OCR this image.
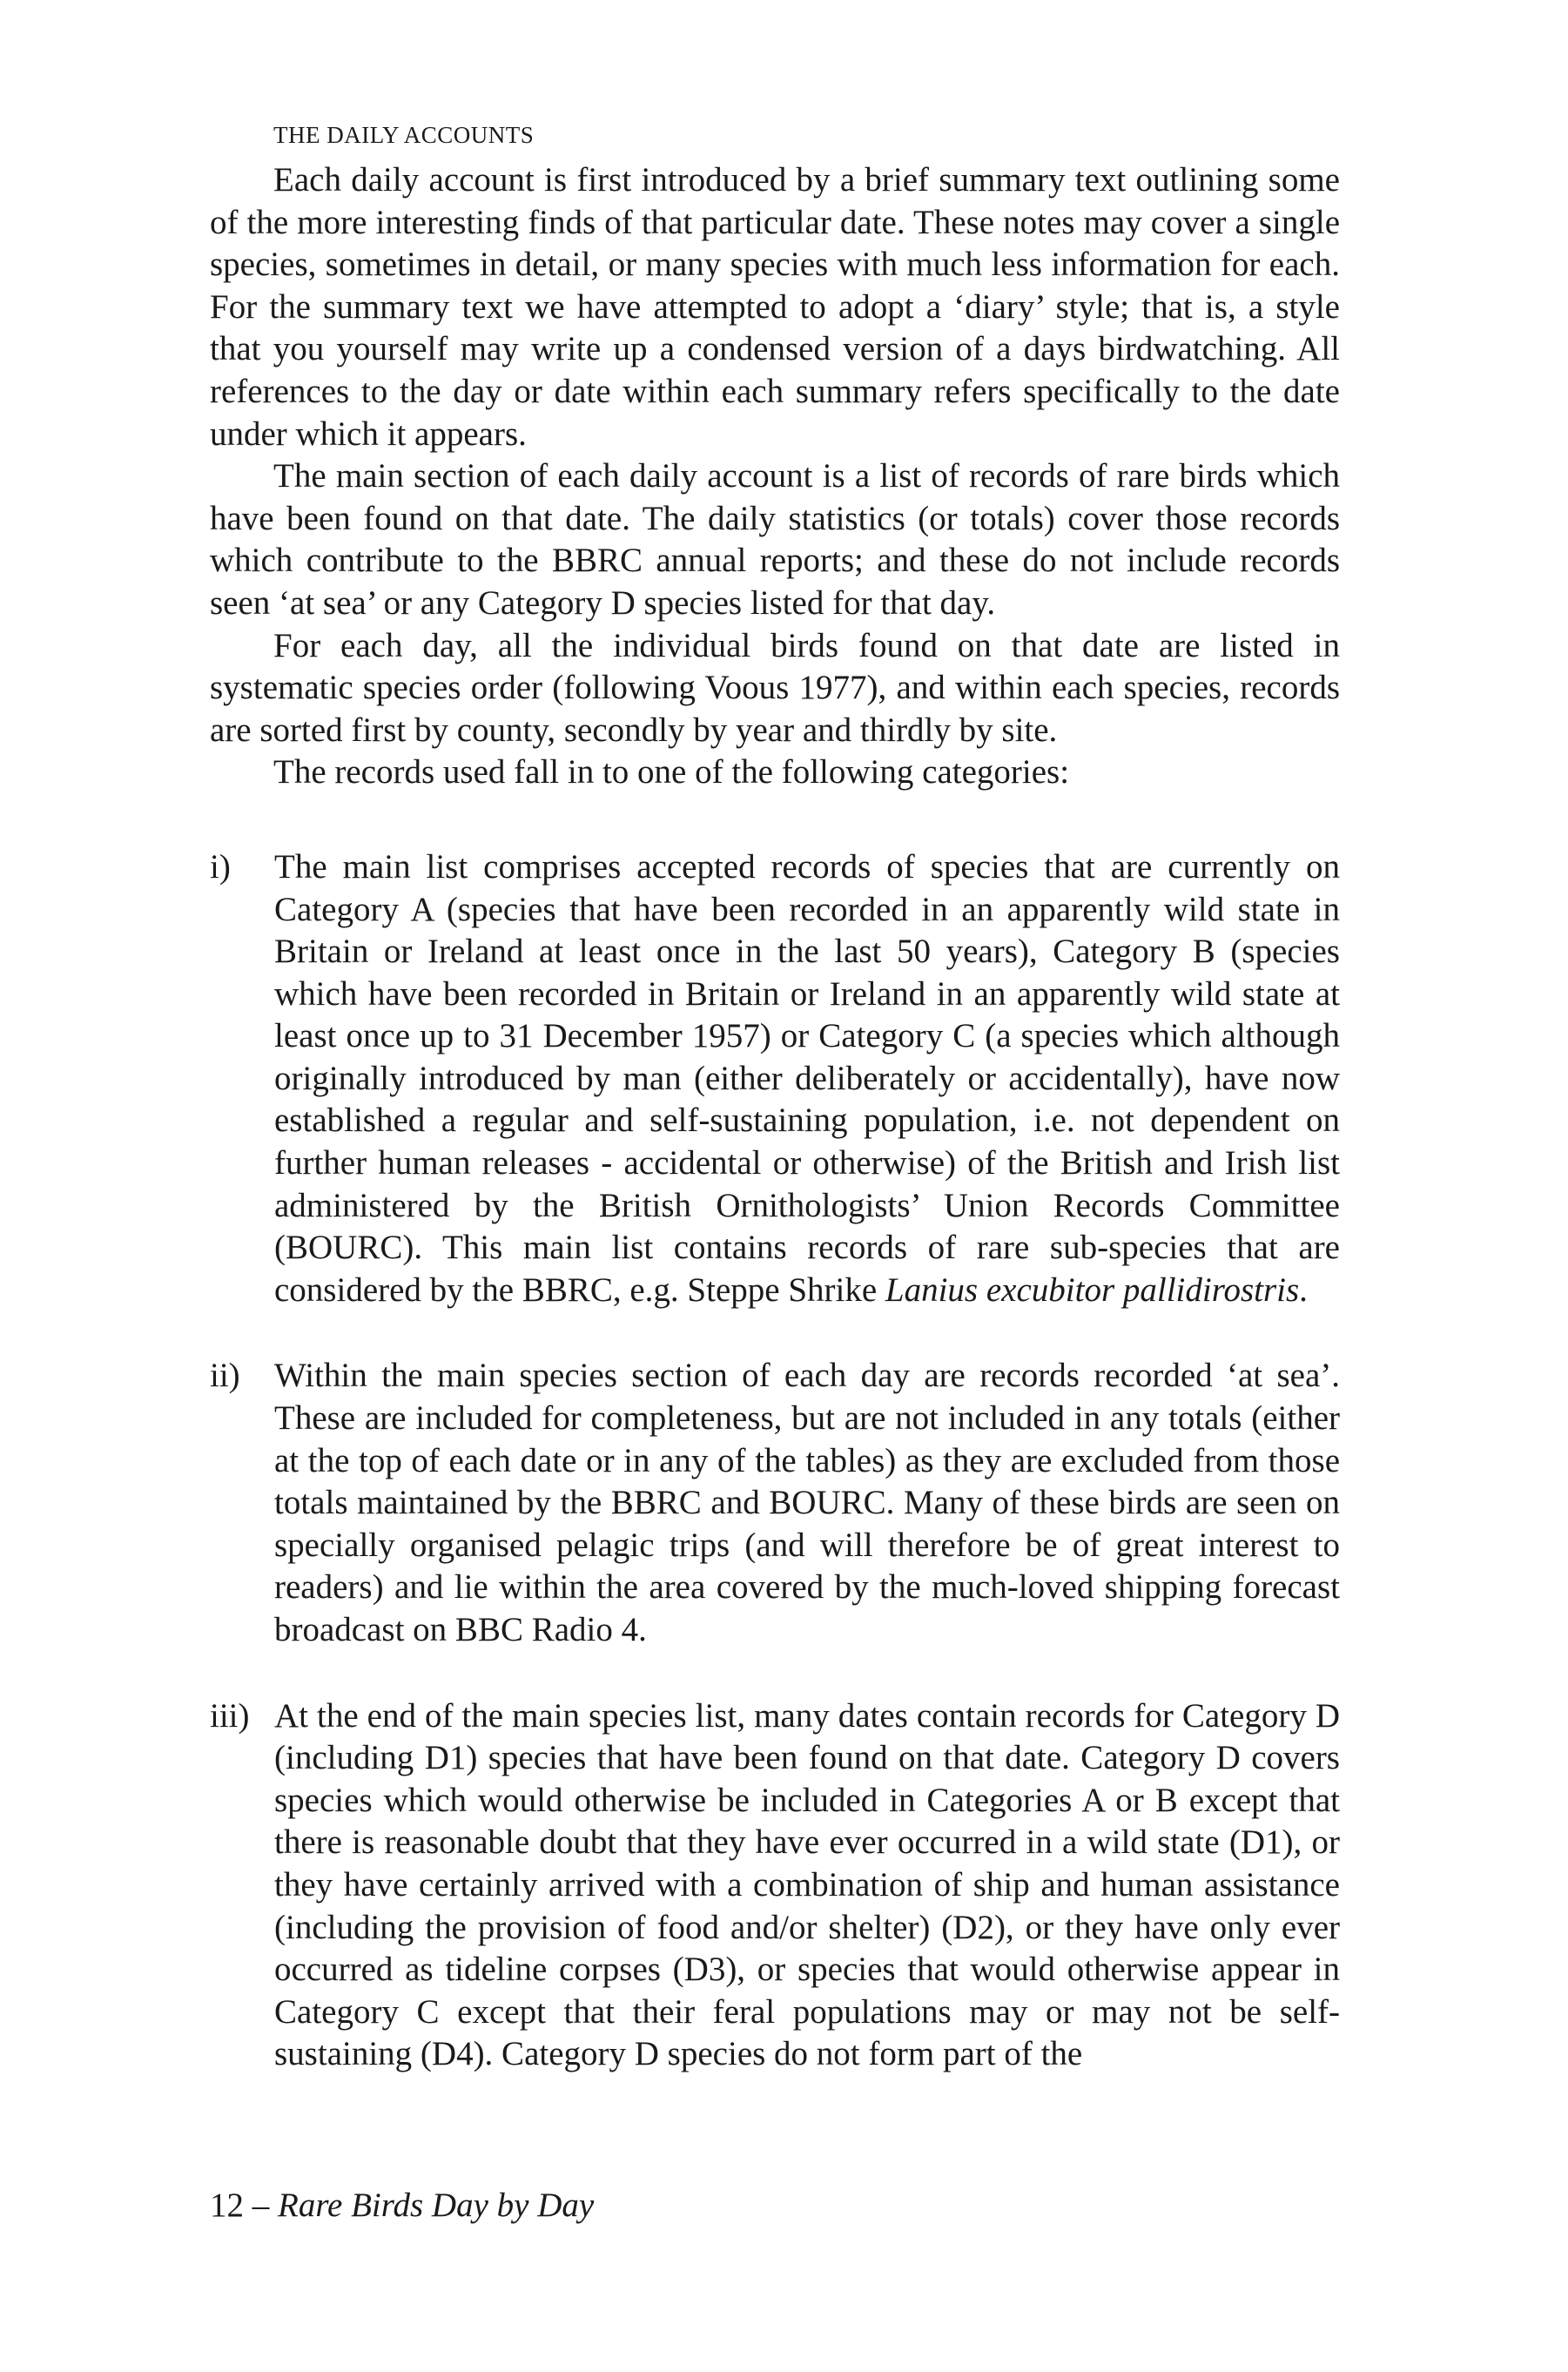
THE DAILY ACCOUNTS

Each daily account is first introduced by a brief summary text outlining some of the more interesting finds of that particular date. These notes may cover a single species, sometimes in detail, or many species with much less information for each. For the summary text we have attempted to adopt a ‘diary’ style; that is, a style that you yourself may write up a condensed version of a days birdwatching. All references to the day or date within each summary refers specifically to the date under which it appears.

The main section of each daily account is a list of records of rare birds which have been found on that date. The daily statistics (or totals) cover those records which contribute to the BBRC annual reports; and these do not include records seen ‘at sea’ or any Category D species listed for that day.

For each day, all the individual birds found on that date are listed in systematic species order (following Voous 1977), and within each species, records are sorted first by county, secondly by year and thirdly by site.

The records used fall in to one of the following categories:

i)	The main list comprises accepted records of species that are currently on Category A (species that have been recorded in an apparently wild state in Britain or Ireland at least once in the last 50 years), Category B (species which have been recorded in Britain or Ireland in an apparently wild state at least once up to 31 December 1957) or Category C (a species which although originally introduced by man (either deliberately or accidentally), have now established a regular and self-sustaining population, i.e. not dependent on further human releases - accidental or otherwise) of the British and Irish list administered by the British Ornithologists’ Union Records Committee (BOURC). This main list contains records of rare sub-species that are considered by the BBRC, e.g. Steppe Shrike Lanius excubitor pallidirostris.
ii)	Within the main species section of each day are records recorded ‘at sea’. These are included for completeness, but are not included in any totals (either at the top of each date or in any of the tables) as they are excluded from those totals maintained by the BBRC and BOURC. Many of these birds are seen on specially organised pelagic trips (and will therefore be of great interest to readers) and lie within the area covered by the much-loved shipping forecast broadcast on BBC Radio 4.
iii) At the end of the main species list, many dates contain records for Category D (including D1) species that have been found on that date. Category D covers species which would otherwise be included in Categories A or B except that there is reasonable doubt that they have ever occurred in a wild state (D1), or they have certainly arrived with a combination of ship and human assistance (including the provision of food and/or shelter) (D2), or they have only ever occurred as tideline corpses (D3), or species that would otherwise appear in Category C except that their feral populations may or may not be self-sustaining (D4). Category D species do not form part of the
12 – Rare Birds Day by Day
